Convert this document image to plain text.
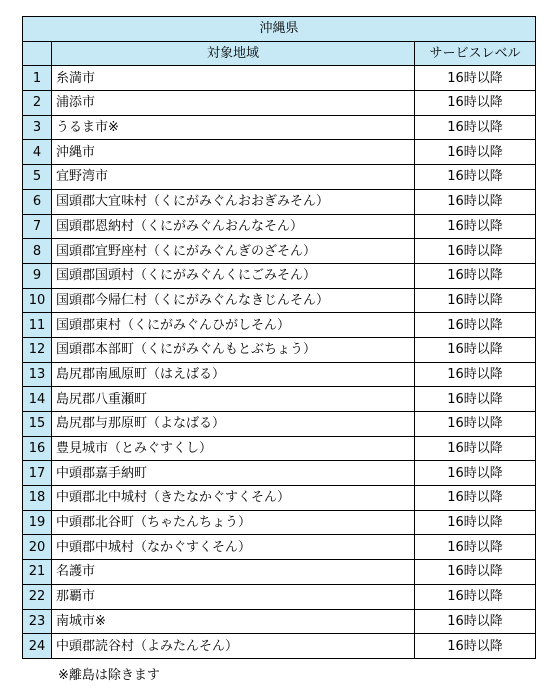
沖縄県		
	対象地域	サービスレベル
1	糸満市	16時以降
2	浦添市	16時以降
3	うるま市※	16時以降
4	沖縄市	16時以降
5	宜野湾市	16時以降
6	国頭郡大宜味村（くにがみぐんおおぎみそん）	16時以降
7	国頭郡恩納村（くにがみぐんおんなそん）	16時以降
8	国頭郡宜野座村（くにがみぐんぎのざそん）	16時以降
9	国頭郡国頭村（くにがみぐんくにごみそん）	16時以降
10	国頭郡今帰仁村（くにがみぐんなきじんそん）	16時以降
11	国頭郡東村（くにがみぐんひがしそん）	16時以降
12	国頭郡本部町（くにがみぐんもとぶちょう）	16時以降
13	島尻郡南風原町（はえばる）	16時以降
14	島尻郡八重瀬町	16時以降
15	島尻郡与那原町（よなばる）	16時以降
16	豊見城市（とみぐすくし）	16時以降
17	中頭郡嘉手納町	16時以降
18	中頭郡北中城村（きたなかぐすくそん）	16時以降
19	中頭郡北谷町（ちゃたんちょう）	16時以降
20	中頭郡中城村（なかぐすくそん）	16時以降
21	名護市	16時以降
22	那覇市	16時以降
23	南城市※	16時以降
24	中頭郡読谷村（よみたんそん）	16時以降
※離島は除きます
